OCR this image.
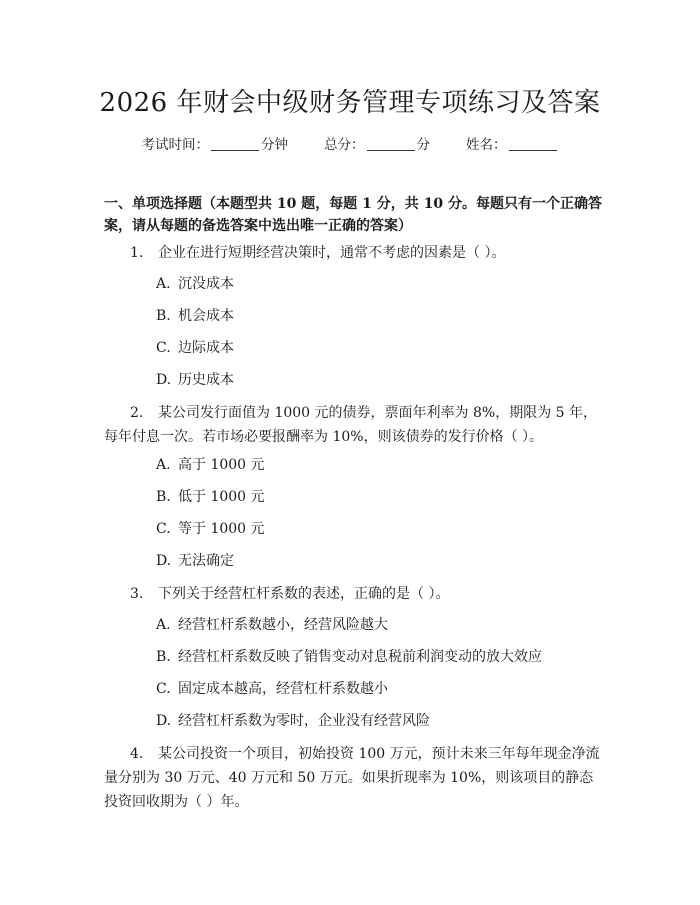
2026 年财会中级财务管理专项练习及答案
考试时间：	分钟	总分：	分	姓名：
一、单项选择题（本题型共 10 题，每题 1 分，共 10 分。每题只有一个正确答案，请从每题的备选答案中选出唯一正确的答案）
1. 企业在进行短期经营决策时，通常不考虑的因素是（ ）。
A. 沉没成本
B. 机会成本
C. 边际成本
D. 历史成本
2. 某公司发行面值为 1000 元的债券，票面年利率为 8%，期限为 5 年，每年付息一次。若市场必要报酬率为 10%，则该债券的发行价格（ ）。
A. 高于 1000 元
B. 低于 1000 元
C. 等于 1000 元
D. 无法确定
3. 下列关于经营杠杆系数的表述，正确的是（ ）。
A. 经营杠杆系数越小，经营风险越大
B. 经营杠杆系数反映了销售变动对息税前利润变动的放大效应
C. 固定成本越高，经营杠杆系数越小
D. 经营杠杆系数为零时，企业没有经营风险
4. 某公司投资一个项目，初始投资 100 万元，预计未来三年每年现金净流量分别为 30 万元、40 万元和 50 万元。如果折现率为 10%，则该项目的静态投资回收期为（ ）年。
